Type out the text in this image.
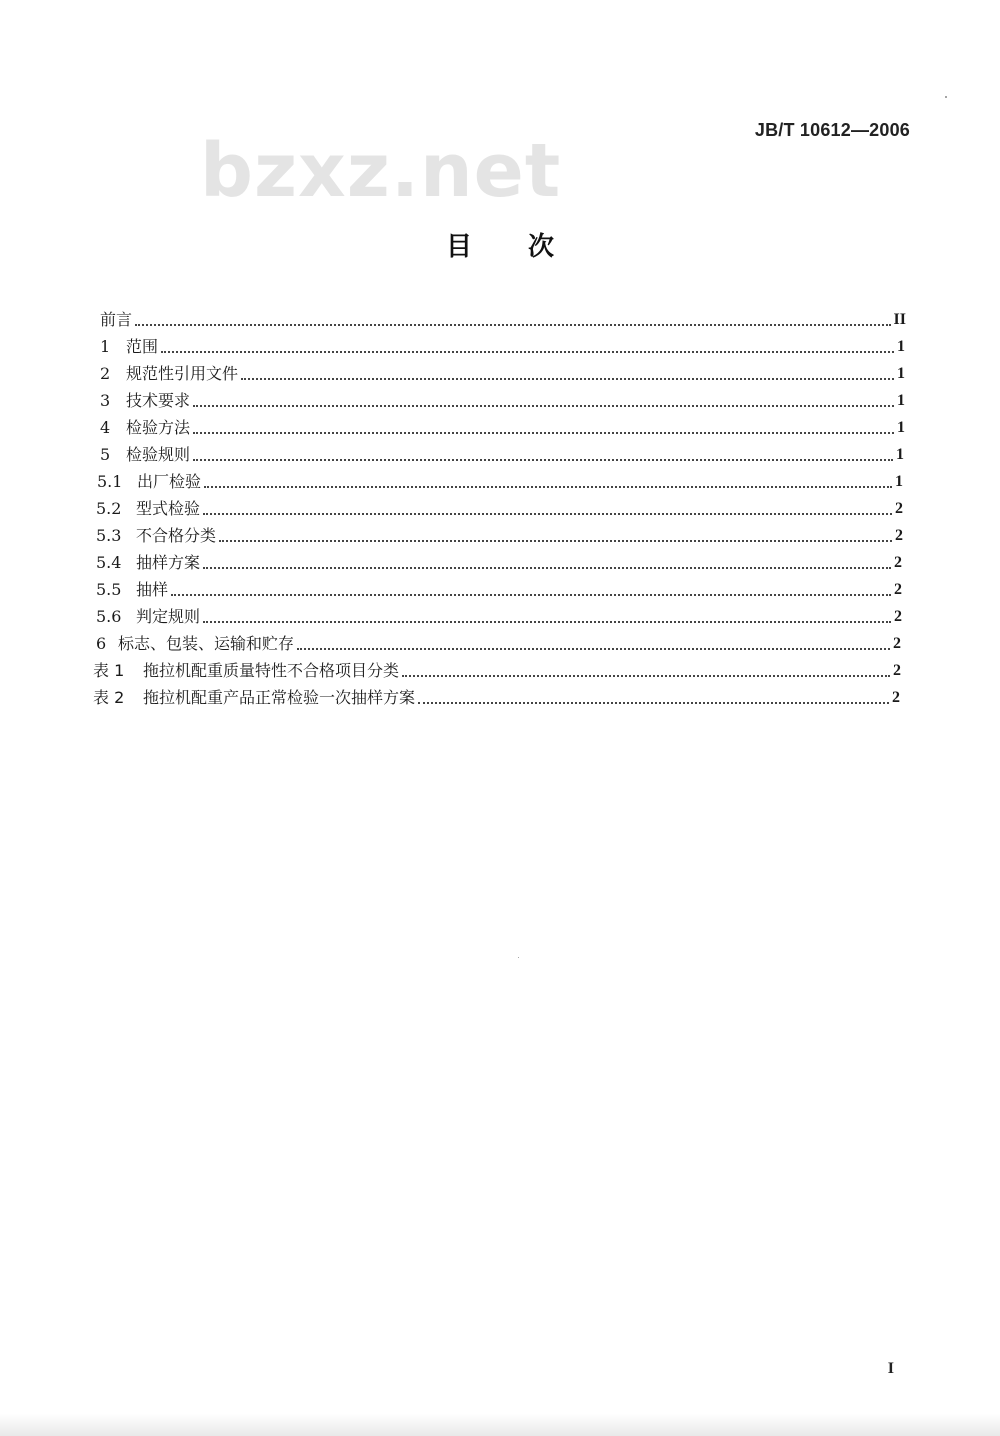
JB/T 10612—2006
bzxz.net
目 次
前言	II
1 范围	1
2 规范性引用文件	1
3 技术要求	1
4 检验方法	1
5 检验规则	1
5.1 出厂检验	1
5.2 型式检验	2
5.3 不合格分类	2
5.4 抽样方案	2
5.5 抽样	2
5.6 判定规则	2
6 标志、包装、运输和贮存	2
表 1	拖拉机配重质量特性不合格项目分类	2
表 2	拖拉机配重产品正常检验一次抽样方案	2
I
